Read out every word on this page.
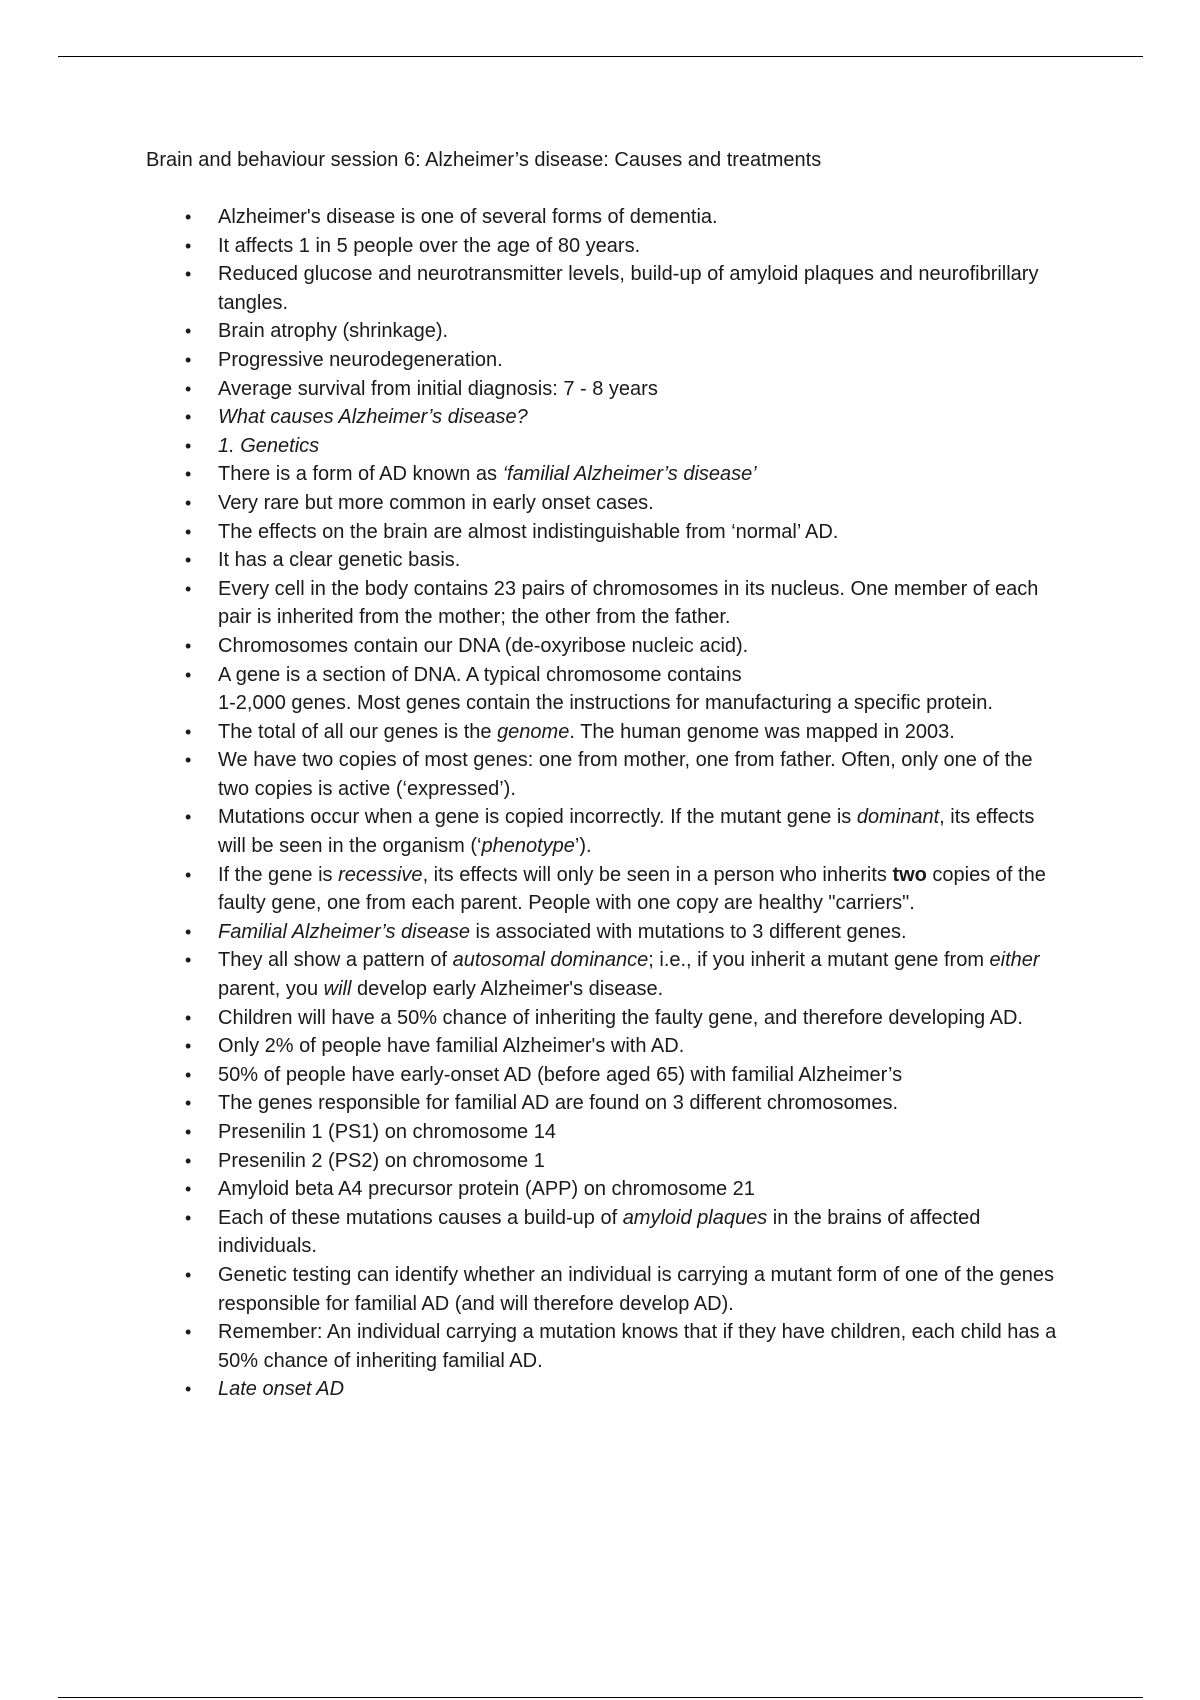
Brain and behaviour session 6: Alzheimer’s disease: Causes and treatments
• Alzheimer's disease is one of several forms of dementia.
• It affects 1 in 5 people over the age of 80 years.
• Reduced glucose and neurotransmitter levels, build-up of amyloid plaques and neurofibrillary tangles.
• Brain atrophy (shrinkage).
• Progressive neurodegeneration.
• Average survival from initial diagnosis: 7 - 8 years
• What causes Alzheimer’s disease?
• 1. Genetics
• There is a form of AD known as ‘familial Alzheimer’s disease’
• Very rare but more common in early onset cases.
• The effects on the brain are almost indistinguishable from ‘normal’ AD.
• It has a clear genetic basis.
• Every cell in the body contains 23 pairs of chromosomes in its nucleus. One member of each pair is inherited from the mother; the other from the father.
• Chromosomes contain our DNA (de-oxyribose nucleic acid).
• A gene is a section of DNA. A typical chromosome contains
1-2,000 genes. Most genes contain the instructions for manufacturing a specific protein.
• The total of all our genes is the genome. The human genome was mapped in 2003.
• We have two copies of most genes: one from mother, one from father. Often, only one of the two copies is active (‘expressed’).
• Mutations occur when a gene is copied incorrectly. If the mutant gene is dominant, its effects will be seen in the organism (‘phenotype’).
• If the gene is recessive, its effects will only be seen in a person who inherits two copies of the faulty gene, one from each parent. People with one copy are healthy "carriers".
• Familial Alzheimer’s disease is associated with mutations to 3 different genes.
• They all show a pattern of autosomal dominance; i.e., if you inherit a mutant gene from either parent, you will develop early Alzheimer's disease.
• Children will have a 50% chance of inheriting the faulty gene, and therefore developing AD.
• Only 2% of people have familial Alzheimer's with AD.
• 50% of people have early-onset AD (before aged 65) with familial Alzheimer’s
• The genes responsible for familial AD are found on 3 different chromosomes.
• Presenilin 1 (PS1) on chromosome 14
• Presenilin 2 (PS2) on chromosome 1
• Amyloid beta A4 precursor protein (APP) on chromosome 21
• Each of these mutations causes a build-up of amyloid plaques in the brains of affected individuals.
• Genetic testing can identify whether an individual is carrying a mutant form of one of the genes responsible for familial AD (and will therefore develop AD).
• Remember: An individual carrying a mutation knows that if they have children, each child has a 50% chance of inheriting familial AD.
• Late onset AD
